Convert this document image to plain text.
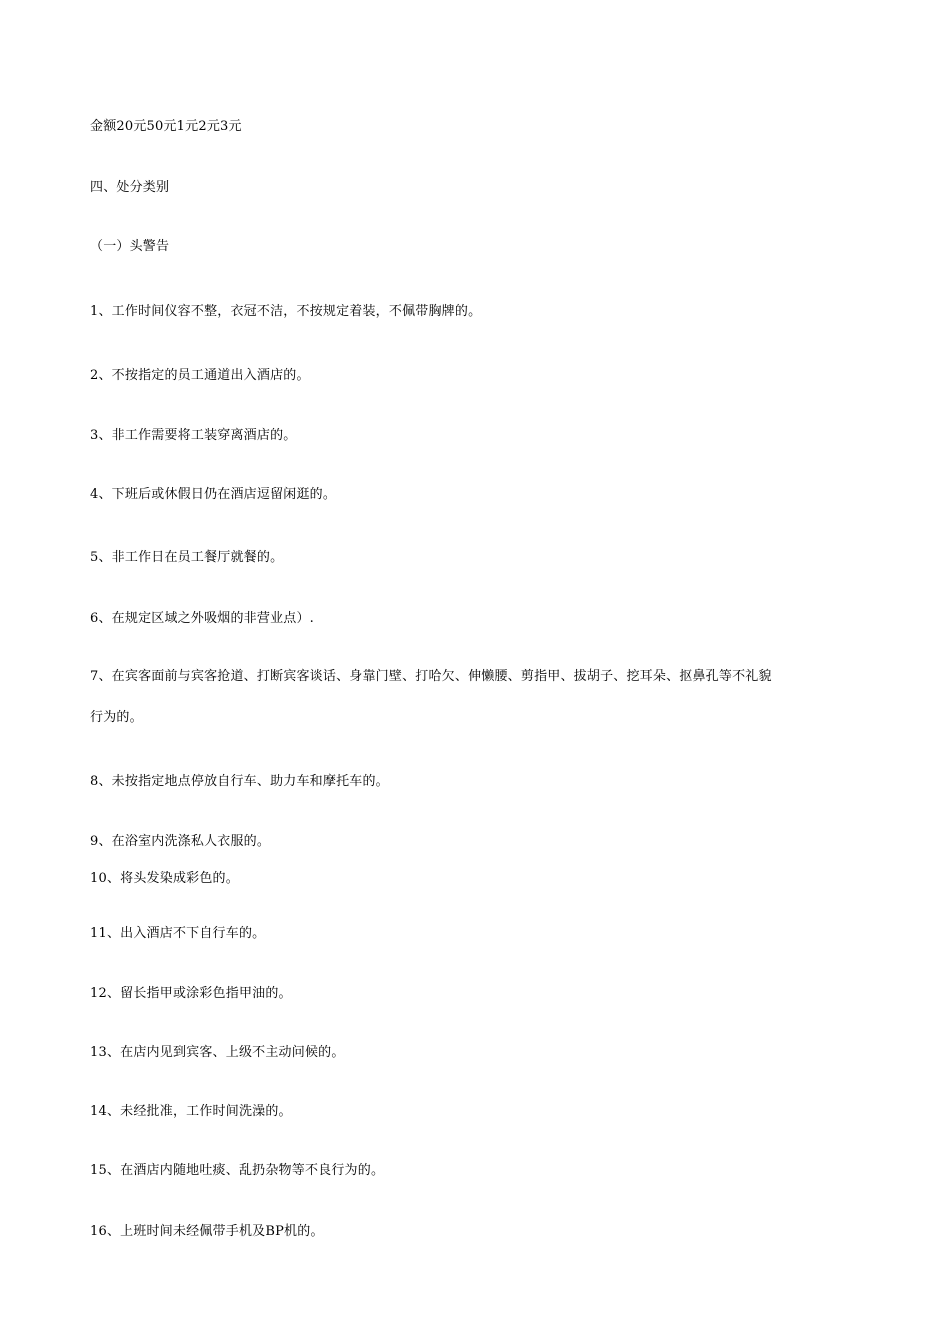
金额20元50元1元2元3元
四、处分类别
（一）头警告
1、工作时间仪容不整，衣冠不洁，不按规定着装，不佩带胸牌的。
2、不按指定的员工通道出入酒店的。
3、非工作需要将工装穿离酒店的。
4、下班后或休假日仍在酒店逗留闲逛的。
5、非工作日在员工餐厅就餐的。
6、在规定区域之外吸烟的非营业点）.
7、在宾客面前与宾客抢道、打断宾客谈话、身靠门壁、打哈欠、伸懒腰、剪指甲、拔胡子、挖耳朵、抠鼻孔等不礼貌
行为的。
8、未按指定地点停放自行车、助力车和摩托车的。
9、在浴室内洗涤私人衣服的。
10、将头发染成彩色的。
11、出入酒店不下自行车的。
12、留长指甲或涂彩色指甲油的。
13、在店内见到宾客、上级不主动问候的。
14、未经批准，工作时间洗澡的。
15、在酒店内随地吐痰、乱扔杂物等不良行为的。
16、上班时间未经佩带手机及BP机的。
